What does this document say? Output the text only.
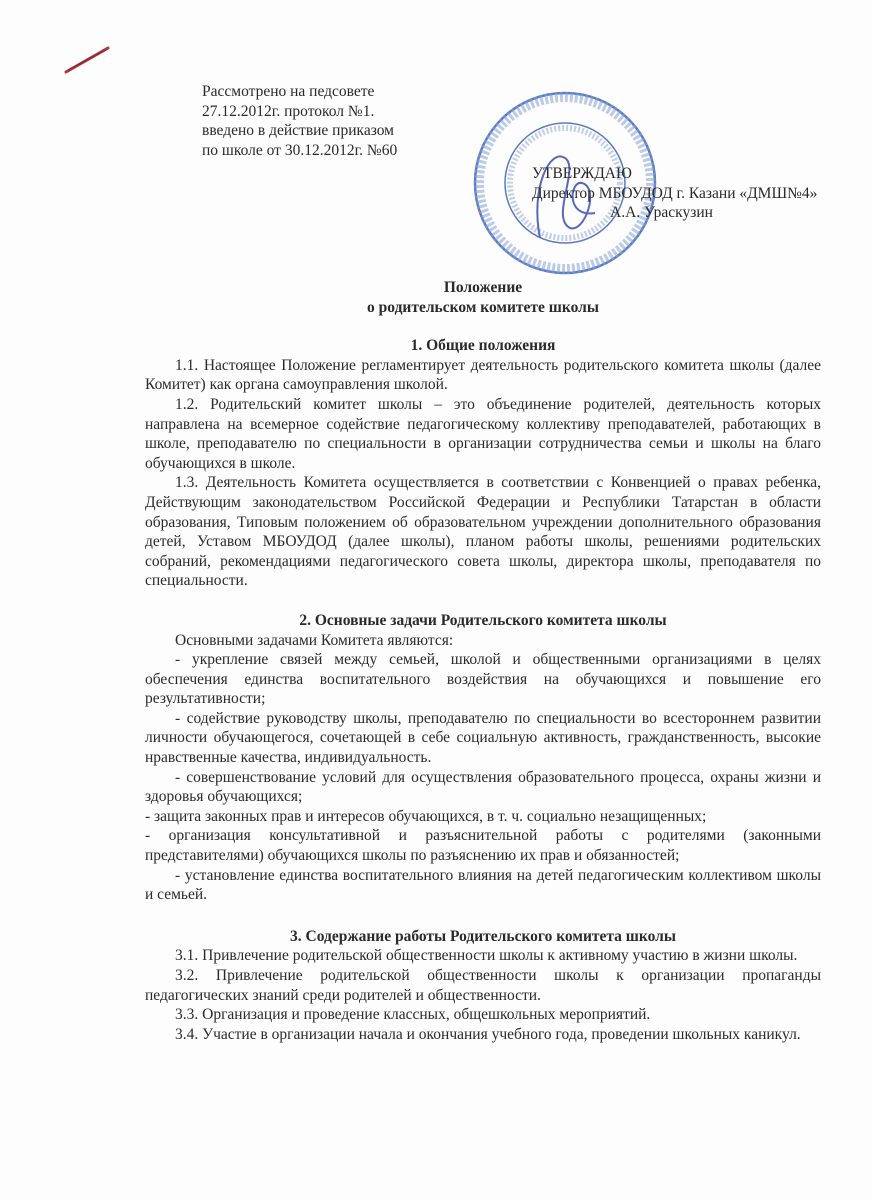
Рассмотрено на педсовете
27.12.2012г. протокол №1.
введено в действие приказом
по школе от 30.12.2012г. №60
УТВЕРЖДАЮ
Директор МБОУДОД г. Казани «ДМШ№4»
А.А. Ураскузин
Положение
о родительском комитете школы
1. Общие положения
1.1. Настоящее Положение регламентирует деятельность родительского комитета школы (далее Комитет) как органа самоуправления школой.
1.2. Родительский комитет школы – это объединение родителей, деятельность которых направлена на всемерное содействие педагогическому коллективу преподавателей, работающих в школе, преподавателю по специальности в организации сотрудничества семьи и школы на благо обучающихся в школе.
1.3. Деятельность Комитета осуществляется в соответствии с Конвенцией о правах ребенка, Действующим законодательством Российской Федерации и Республики Татарстан в области образования, Типовым положением об образовательном учреждении дополнительного образования детей, Уставом МБОУДОД (далее школы), планом работы школы, решениями родительских собраний, рекомендациями педагогического совета школы, директора школы, преподавателя по специальности.
2. Основные задачи Родительского комитета школы
Основными задачами Комитета являются:
- укрепление связей между семьей, школой и общественными организациями в целях обеспечения единства воспитательного воздействия на обучающихся и повышение его результативности;
- содействие руководству школы, преподавателю по специальности во всестороннем развитии личности обучающегося, сочетающей в себе социальную активность, гражданственность, высокие нравственные качества, индивидуальность.
- совершенствование условий для осуществления образовательного процесса, охраны жизни и здоровья обучающихся;
- защита законных прав и интересов обучающихся, в т. ч. социально незащищенных;
- организация консультативной и разъяснительной работы с родителями (законными представителями) обучающихся школы по разъяснению их прав и обязанностей;
- установление единства воспитательного влияния на детей педагогическим коллективом школы и семьей.
3. Содержание работы Родительского комитета школы
3.1. Привлечение родительской общественности школы к активному участию в жизни школы.
3.2. Привлечение родительской общественности школы к организации пропаганды педагогических знаний среди родителей и общественности.
3.3. Организация и проведение классных, общешкольных мероприятий.
3.4. Участие в организации начала и окончания учебного года, проведении школьных каникул.
